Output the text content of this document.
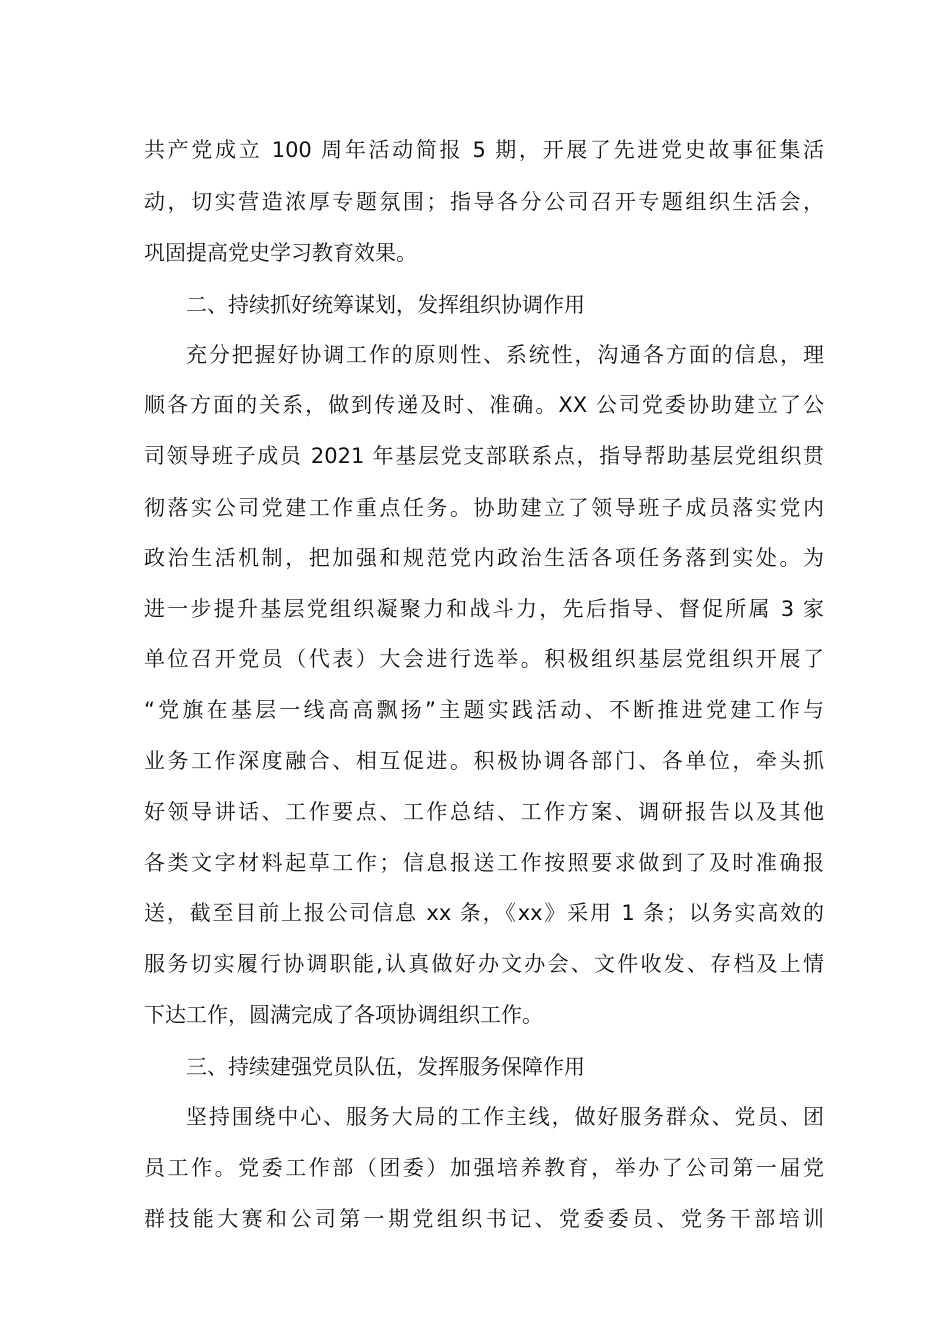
共产党成立 100 周年活动简报 5 期，开展了先进党史故事征集活
动，切实营造浓厚专题氛围；指导各分公司召开专题组织生活会，
巩固提高党史学习教育效果。
二、持续抓好统筹谋划，发挥组织协调作用
充分把握好协调工作的原则性、系统性，沟通各方面的信息，理
顺各方面的关系，做到传递及时、准确。XX 公司党委协助建立了公
司领导班子成员 2021 年基层党支部联系点，指导帮助基层党组织贯
彻落实公司党建工作重点任务。协助建立了领导班子成员落实党内
政治生活机制，把加强和规范党内政治生活各项任务落到实处。为
进一步提升基层党组织凝聚力和战斗力，先后指导、督促所属 3 家
单位召开党员（代表）大会进行选举。积极组织基层党组织开展了
“党旗在基层一线高高飘扬”主题实践活动、不断推进党建工作与
业务工作深度融合、相互促进。积极协调各部门、各单位，牵头抓
好领导讲话、工作要点、工作总结、工作方案、调研报告以及其他
各类文字材料起草工作；信息报送工作按照要求做到了及时准确报
送，截至目前上报公司信息 xx 条，《xx》采用 1 条；以务实高效的
服务切实履行协调职能,认真做好办文办会、文件收发、存档及上情
下达工作，圆满完成了各项协调组织工作。
三、持续建强党员队伍，发挥服务保障作用
坚持围绕中心、服务大局的工作主线，做好服务群众、党员、团
员工作。党委工作部（团委）加强培养教育，举办了公司第一届党
群技能大赛和公司第一期党组织书记、党委委员、党务干部培训
